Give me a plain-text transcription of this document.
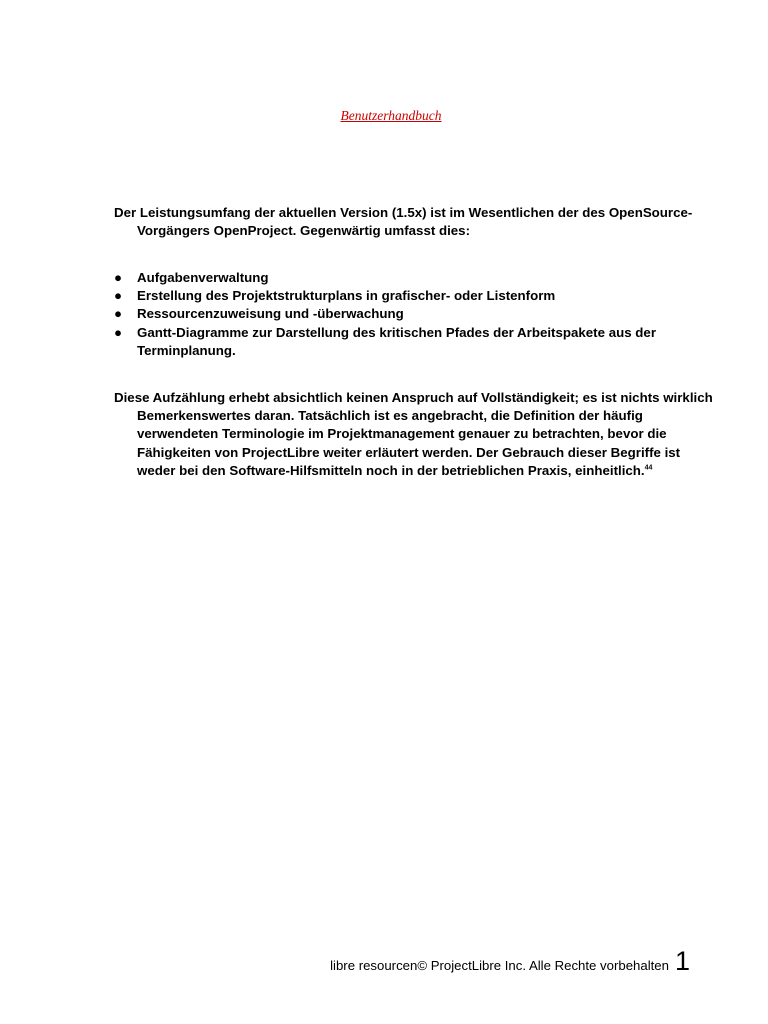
Benutzerhandbuch

Der Leistungsumfang der aktuellen Version (1.5x) ist im Wesentlichen der des OpenSource-Vorgängers OpenProject. Gegenwärtig umfasst dies:

● Aufgabenverwaltung
● Erstellung des Projektstrukturplans in grafischer- oder Listenform
● Ressourcenzuweisung und -überwachung
● Gantt-Diagramme zur Darstellung des kritischen Pfades der Arbeitspakete aus der Terminplanung.

Diese Aufzählung erhebt absichtlich keinen Anspruch auf Vollständigkeit; es ist nichts wirklich Bemerkenswertes daran. Tatsächlich ist es angebracht, die Definition der häufig verwendeten Terminologie im Projektmanagement genauer zu betrachten, bevor die Fähigkeiten von ProjectLibre weiter erläutert werden. Der Gebrauch dieser Begriffe ist weder bei den Software-Hilfsmitteln noch in der betrieblichen Praxis, einheitlich.$^{44}$

libre resourcen© ProjectLibre Inc. Alle Rechte vorbehalten 1
